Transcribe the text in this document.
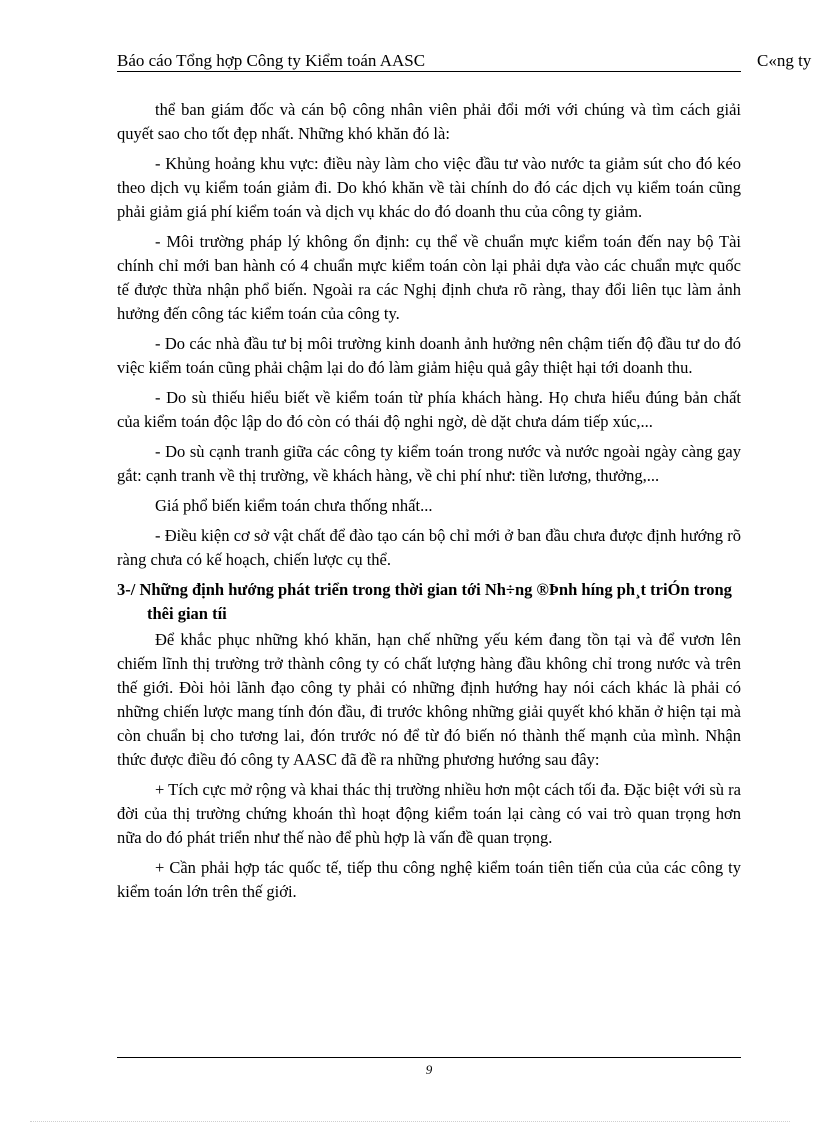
Báo cáo Tổng hợp Công ty Kiểm toán AASC	C«ng ty

thể ban giám đốc và cán bộ công nhân viên phải đổi mới với chúng và tìm cách giải quyết sao cho tốt đẹp nhất. Những khó khăn đó là:

- Khủng hoảng khu vực: điều này làm cho việc đầu tư vào nước ta giảm sút cho đó kéo theo dịch vụ kiểm toán giảm đi. Do khó khăn về tài chính do đó các dịch vụ kiểm toán cũng phải giảm giá phí kiểm toán và dịch vụ khác do đó doanh thu của công ty giảm.

- Môi trường pháp lý không ổn định: cụ thể về chuẩn mực kiểm toán đến nay bộ Tài chính chỉ mới ban hành có 4 chuẩn mực kiểm toán còn lại phải dựa vào các chuẩn mực quốc tế được thừa nhận phổ biến. Ngoài ra các Nghị định chưa rõ ràng, thay đổi liên tục làm ảnh hưởng đến công tác kiểm toán của công ty.

- Do các nhà đầu tư bị môi trường kinh doanh ảnh hưởng nên chậm tiến độ đầu tư do đó việc kiểm toán cũng phải chậm lại do đó làm giảm hiệu quả gây thiệt hại tới doanh thu.

- Do sù thiếu hiểu biết về kiểm toán từ phía khách hàng. Họ chưa hiểu đúng bản chất của kiểm toán độc lập do đó còn có thái độ nghi ngờ, dè dặt chưa dám tiếp xúc,...

- Do sù cạnh tranh giữa các công ty kiểm toán trong nước và nước ngoài ngày càng gay gắt: cạnh tranh về thị trường, về khách hàng, về chi phí như: tiền lương, thưởng,...

Giá phổ biến kiểm toán chưa thống nhất...

- Điều kiện cơ sở vật chất để đào tạo cán bộ chỉ mới ở ban đầu chưa được định hướng rõ ràng chưa có kế hoạch, chiến lược cụ thể.

3-/ Những định hướng phát triển trong thời gian tới Nh÷ng ®Þnh híng ph¸t triÓn trong thêi gian tíi

Để khắc phục những khó khăn, hạn chế những yếu kém đang tồn tại và để vươn lên chiếm lĩnh thị trường trở thành công ty có chất lượng hàng đầu không chỉ trong nước và trên thế giới. Đòi hỏi lãnh đạo công ty phải có những định hướng hay nói cách khác là phải có những chiến lược mang tính đón đầu, đi trước không những giải quyết khó khăn ở hiện tại mà còn chuẩn bị cho tương lai, đón trước nó để từ đó biến nó thành thế mạnh của mình. Nhận thức được điều đó công ty AASC đã đề ra những phương hướng sau đây:

+ Tích cực mở rộng và khai thác thị trường nhiều hơn một cách tối đa. Đặc biệt với sù ra đời của thị trường chứng khoán thì hoạt động kiểm toán lại càng có vai trò quan trọng hơn nữa do đó phát triển như thế nào để phù hợp là vấn đề quan trọng.

+ Cần phải hợp tác quốc tế, tiếp thu công nghệ kiểm toán tiên tiến của của các công ty kiểm toán lớn trên thế giới.

9
